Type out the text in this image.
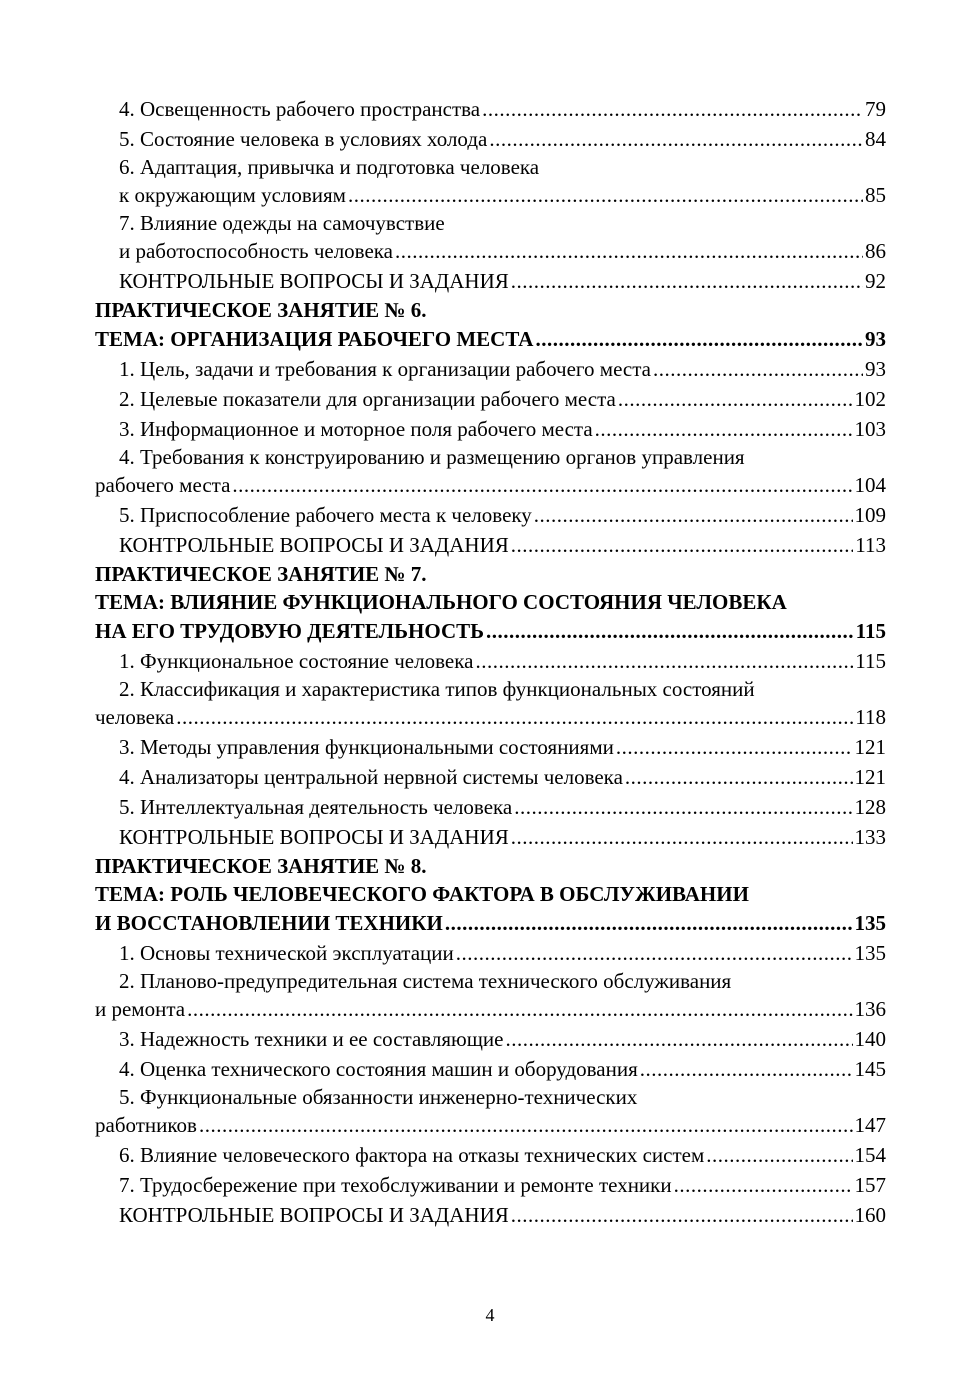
4. Освещенность рабочего пространства .....	79
5. Состояние человека в условиях холода .....	84
6. Адаптация, привычка и подготовка человека
к окружающим условиям .....	85
7. Влияние одежды на самочувствие
и работоспособность человека .....	86
КОНТРОЛЬНЫЕ ВОПРОСЫ И ЗАДАНИЯ .....	92
ПРАКТИЧЕСКОЕ ЗАНЯТИЕ № 6.
ТЕМА: ОРГАНИЗАЦИЯ РАБОЧЕГО МЕСТА .....	93
1. Цель, задачи и требования к организации рабочего места .....	93
2. Целевые показатели для организации рабочего места .....	102
3. Информационное и моторное поля рабочего места .....	103
4. Требования к конструированию и размещению органов управления
рабочего места .....	104
5. Приспособление рабочего места к человеку .....	109
КОНТРОЛЬНЫЕ ВОПРОСЫ И ЗАДАНИЯ .....	113
ПРАКТИЧЕСКОЕ ЗАНЯТИЕ № 7.
ТЕМА: ВЛИЯНИЕ ФУНКЦИОНАЛЬНОГО СОСТОЯНИЯ ЧЕЛОВЕКА
НА ЕГО ТРУДОВУЮ ДЕЯТЕЛЬНОСТЬ .....	115
1. Функциональное состояние человека .....	115
2. Классификация и характеристика типов функциональных состояний
человека .....	118
3. Методы управления функциональными состояниями .....	121
4. Анализаторы центральной нервной системы человека .....	121
5. Интеллектуальная деятельность человека .....	128
КОНТРОЛЬНЫЕ ВОПРОСЫ И ЗАДАНИЯ .....	133
ПРАКТИЧЕСКОЕ ЗАНЯТИЕ № 8.
ТЕМА: РОЛЬ ЧЕЛОВЕЧЕСКОГО ФАКТОРА В ОБСЛУЖИВАНИИ
И ВОССТАНОВЛЕНИИ ТЕХНИКИ .....	135
1. Основы технической эксплуатации .....	135
2. Планово-предупредительная система технического обслуживания
и ремонта .....	136
3. Надежность техники и ее составляющие .....	140
4. Оценка технического состояния машин и оборудования .....	145
5. Функциональные обязанности инженерно-технических
работников .....	147
6. Влияние человеческого фактора на отказы технических систем .....	154
7. Трудосбережение при техобслуживании и ремонте техники .....	157
КОНТРОЛЬНЫЕ ВОПРОСЫ И ЗАДАНИЯ .....	160
4
